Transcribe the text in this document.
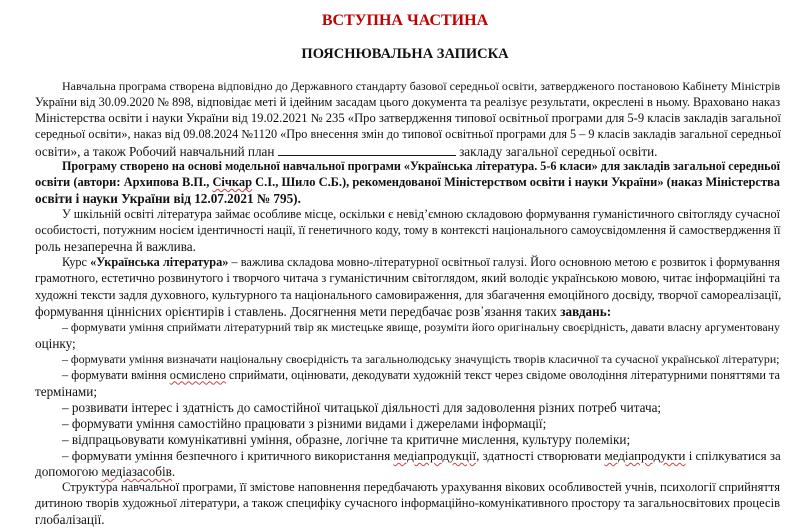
ВСТУПНА ЧАСТИНА
ПОЯСНЮВАЛЬНА ЗАПИСКА
Навчальна програма створена відповідно до Державного стандарту базової середньої освіти, затвердженого постановою Кабінету Міністрів
України від 30.09.2020 № 898, відповідає меті й ідейним засадам цього документа та реалізує результати, окреслені в ньому. Враховано наказ
Міністерства освіти і науки України від 19.02.2021 № 235 «Про затвердження типової освітньої програми для 5-9 класів закладів загальної
середньої освіти», наказ від 09.08.2024 №1120 «Про внесення змін до типової освітньої програми для 5 – 9 класів закладів загальної середньої
освіти», а також Робочий навчальний план	закладу загальної середньої освіти.
Програму створено на основі модельної навчальної програми «Українська література. 5-6 класи» для закладів загальної середньої
освіти (автори: Архипова В.П., Січкар С.І., Шило С.Б.), рекомендованої Міністерством освіти і науки України» (наказ Міністерства
освіти і науки України від 12.07.2021 № 795).
У шкільній освіті література займає особливе місце, оскільки є невід’ємною складовою формування гуманістичного світогляду сучасної
особистості, потужним носієм ідентичності нації, її генетичного коду, тому в контексті національного самоусвідомлення й самоствердження її
роль незаперечна й важлива.
Курс «Українська література» – важлива складова мовно-літературної освітньої галузі. Його основною метою є розвиток і формування
грамотного, естетично розвинутого і творчого читача з гуманістичним світоглядом, який володіє українською мовою, читає інформаційні та
художні тексти задля духовного, культурного та національного самовираження, для збагачення емоційного досвіду, творчої самореалізації,
формування ціннісних орієнтирів і ставлень. Досягнення мети передбачає розв᾽язання таких завдань:
– формувати уміння сприймати літературний твір як мистецьке явище, розуміти його оригінальну своєрідність, давати власну аргументовану
оцінку;
– формувати уміння визначати національну своєрідність та загальнолюдську значущість творів класичної та сучасної української літератури;
– формувати вміння осмислено сприймати, оцінювати, декодувати художній текст через свідоме оволодіння літературними поняттями та
термінами;
– розвивати інтерес і здатність до самостійної читацької діяльності для задоволення різних потреб читача;
– формувати уміння самостійно працювати з різними видами і джерелами інформації;
– відпрацьовувати комунікативні уміння, образне, логічне та критичне мислення, культуру полеміки;
– формувати уміння безпечного і критичного використання медіапродукції, здатності створювати медіапродукти і спілкуватися за
допомогою медіазасобів.
Структура навчальної програми, її змістове наповнення передбачають урахування вікових особливостей учнів, психології сприйняття
дитиною творів художньої літератури, а також специфіку сучасного інформаційно-комунікативного простору та загальносвітових процесів
глобалізації.
